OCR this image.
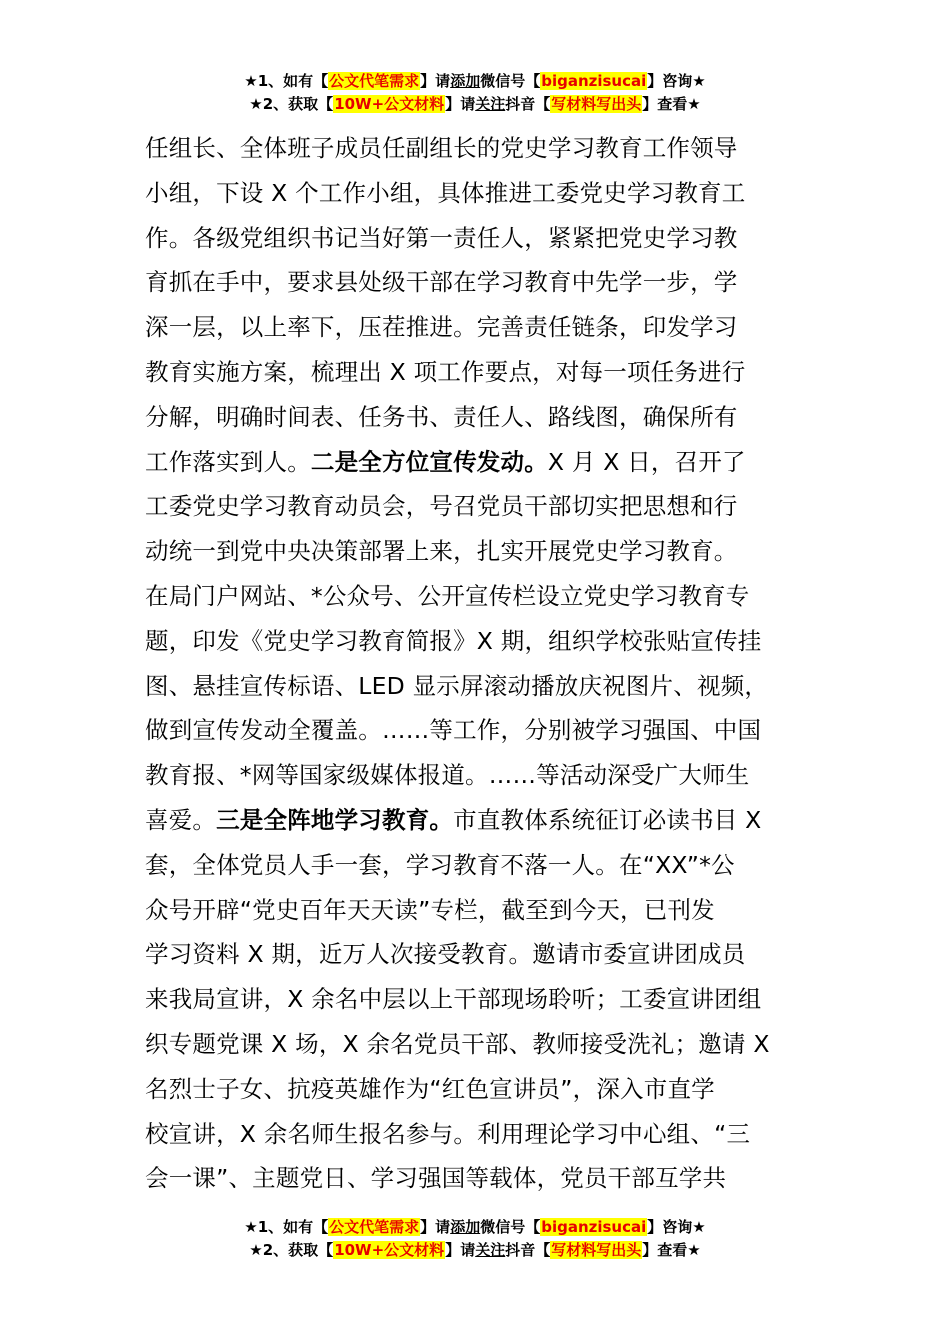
★1、如有【公文代笔需求】请添加微信号【biganzisucai】咨询★
★2、获取【10W+公文材料】请关注抖音【写材料写出头】查看★
任组长、全体班子成员任副组长的党史学习教育工作领导
小组，下设 X 个工作小组，具体推进工委党史学习教育工
作。各级党组织书记当好第一责任人，紧紧把党史学习教
育抓在手中，要求县处级干部在学习教育中先学一步，学
深一层，以上率下，压茬推进。完善责任链条，印发学习
教育实施方案，梳理出 X 项工作要点，对每一项任务进行
分解，明确时间表、任务书、责任人、路线图，确保所有
工作落实到人。二是全方位宣传发动。X 月 X 日，召开了
工委党史学习教育动员会，号召党员干部切实把思想和行
动统一到党中央决策部署上来，扎实开展党史学习教育。
在局门户网站、*公众号、公开宣传栏设立党史学习教育专
题，印发《党史学习教育简报》X 期，组织学校张贴宣传挂
图、悬挂宣传标语、LED 显示屏滚动播放庆祝图片、视频，
做到宣传发动全覆盖。……等工作，分别被学习强国、中国
教育报、*网等国家级媒体报道。……等活动深受广大师生
喜爱。三是全阵地学习教育。市直教体系统征订必读书目 X
套，全体党员人手一套，学习教育不落一人。在“XX”*公
众号开辟“党史百年天天读”专栏，截至到今天，已刊发
学习资料 X 期，近万人次接受教育。邀请市委宣讲团成员
来我局宣讲，X 余名中层以上干部现场聆听；工委宣讲团组
织专题党课 X 场，X 余名党员干部、教师接受洗礼；邀请 X
名烈士子女、抗疫英雄作为“红色宣讲员”，深入市直学
校宣讲，X 余名师生报名参与。利用理论学习中心组、“三
会一课”、主题党日、学习强国等载体，党员干部互学共
★1、如有【公文代笔需求】请添加微信号【biganzisucai】咨询★
★2、获取【10W+公文材料】请关注抖音【写材料写出头】查看★
